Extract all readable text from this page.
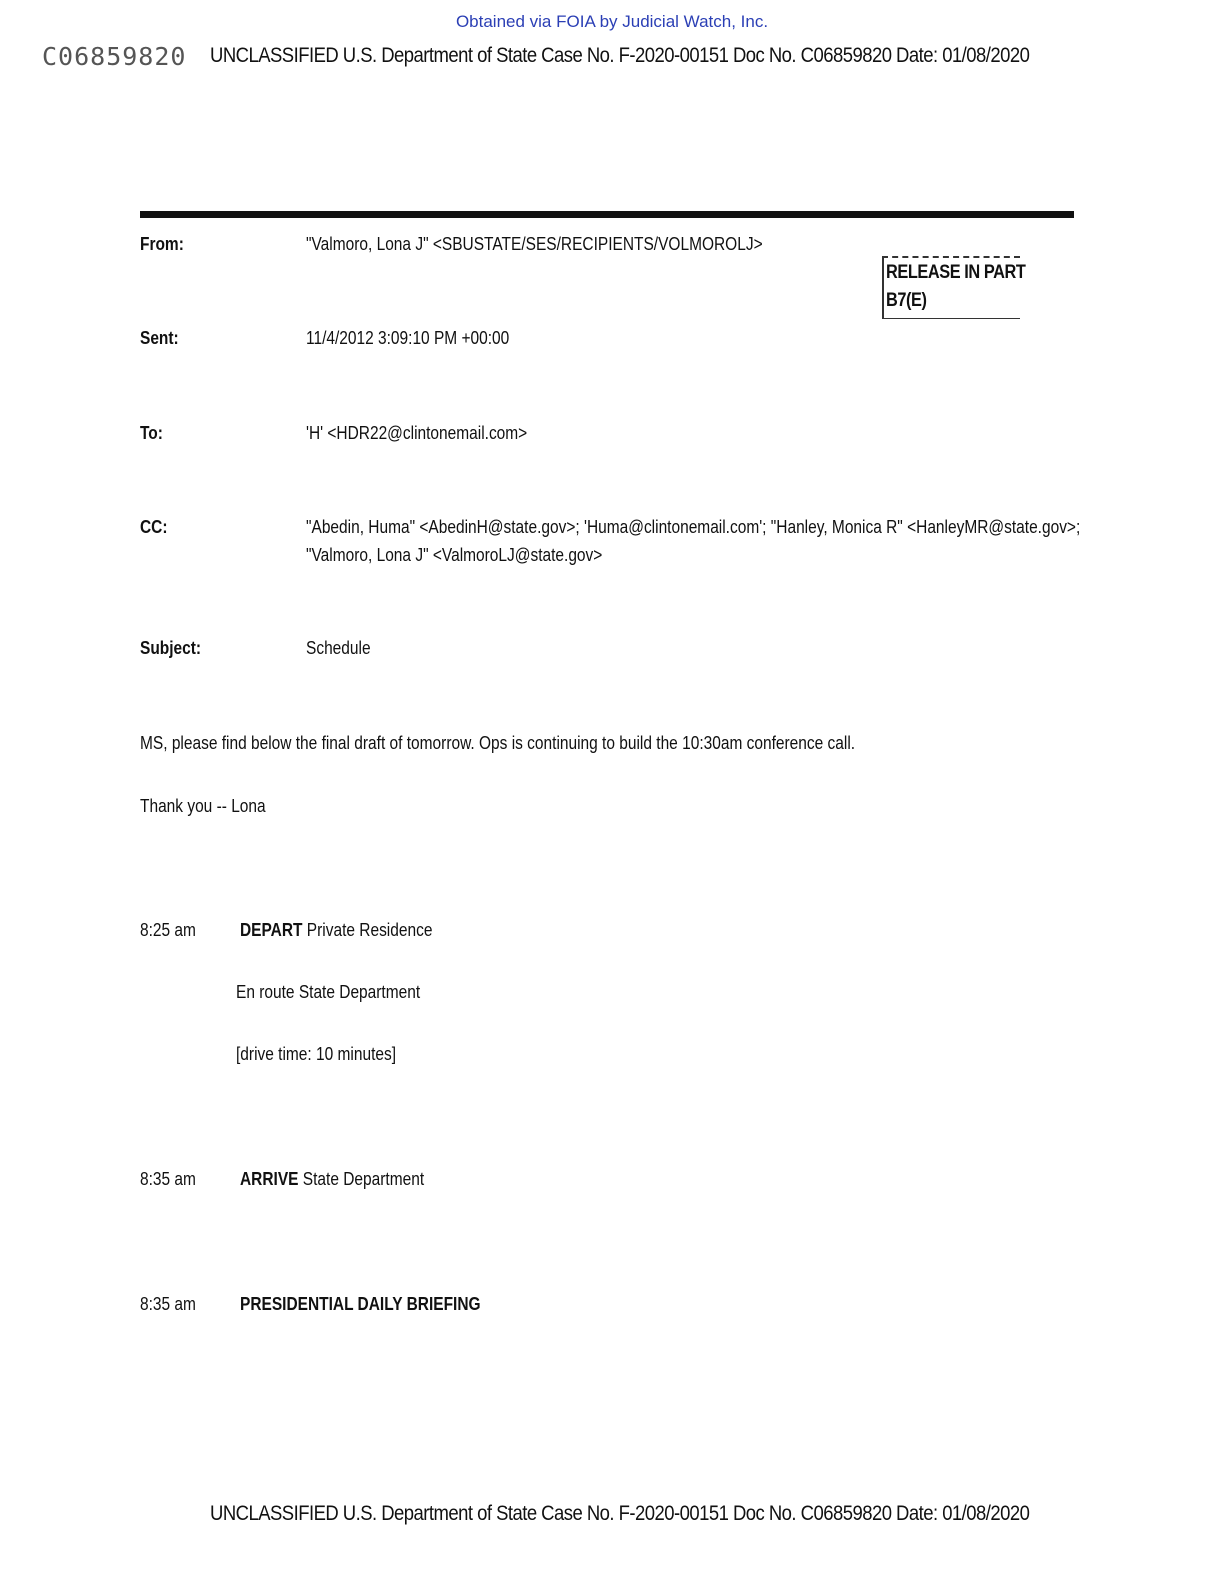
Obtained via FOIA by Judicial Watch, Inc.
C06859820 UNCLASSIFIED U.S. Department of State Case No. F-2020-00151 Doc No. C06859820 Date: 01/08/2020
From:	"Valmoro, Lona J" <SBUSTATE/SES/RECIPIENTS/VOLMOROLJ>
RELEASE IN PART
B7(E)
Sent:	11/4/2012 3:09:10 PM +00:00
To:	'H' <HDR22@clintonemail.com>
CC:	"Abedin, Huma" <AbedinH@state.gov>; 'Huma@clintonemail.com'; "Hanley, Monica R" <HanleyMR@state.gov>;
"Valmoro, Lona J" <ValmoroLJ@state.gov>
Subject:	Schedule
MS, please find below the final draft of tomorrow. Ops is continuing to build the 10:30am conference call.
Thank you -- Lona
8:25 am DEPART Private Residence
En route State Department
[drive time: 10 minutes]
8:35 am ARRIVE State Department
8:35 am PRESIDENTIAL DAILY BRIEFING
UNCLASSIFIED U.S. Department of State Case No. F-2020-00151 Doc No. C06859820 Date: 01/08/2020
